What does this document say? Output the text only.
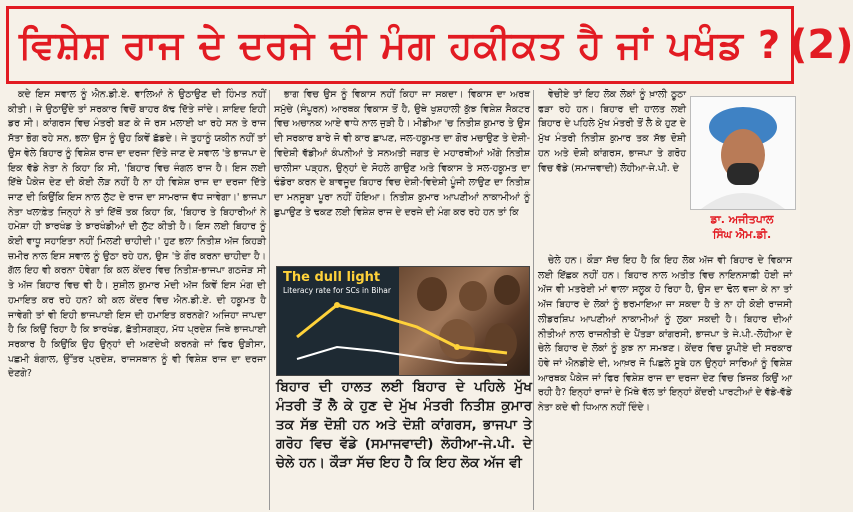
ਵਿਸ਼ੇਸ਼ ਰਾਜ ਦੇ ਦਰਜੇ ਦੀ ਮੰਗ ਹਕੀਕਤ ਹੈ ਜਾਂ ਪਖੰਡ ? (2)

ਕਦੇ ਇਸ ਸਵਾਲ ਨੂੰ ਐਨ.ਡੀ.ਏ. ਵਾਲਿਆਂ ਨੇ ਉਠਾਉਣ ਦੀ ਹਿੰਮਤ ਨਹੀਂ ਕੀਤੀ। ਜੇ ਉਠਾਉਂਦੇ ਤਾਂ ਸਰਕਾਰ ਵਿਚੋਂ ਬਾਹਰ ਕੱਢ ਦਿੱਤੇ ਜਾਂਦੇ। ਸ਼ਾਇਦ ਇਹੀ ਡਰ ਸੀ। ਕਾਂਗਰਸ ਵਿਚ ਮੰਤਰੀ ਬਣ ਕੇ ਜੋ ਰਸ ਮਲਾਈ ਖਾ ਰਹੇ ਸਨ ਤੇ ਰਾਜ ਸੱਤਾ ਭੋਗ ਰਹੇ ਸਨ, ਭਲਾ ਉਸ ਨੂੰ ਉਹ ਕਿਵੇਂ ਛੱਡਦੇ। ਜੇ ਤੁਹਾਨੂੰ ਯਕੀਨ ਨਹੀਂ ਤਾਂ ਉਸ ਵੇਲੇ ਬਿਹਾਰ ਨੂੰ ਵਿਸ਼ੇਸ਼ ਰਾਜ ਦਾ ਦਰਜਾ ਦਿੱਤੇ ਜਾਣ ਦੇ ਸਵਾਲ 'ਤੇ ਭਾਜਪਾ ਦੇ ਇਕ ਵੱਡੇ ਨੇਤਾ ਨੇ ਕਿਹਾ ਕਿ ਸੀ, 'ਬਿਹਾਰ ਵਿਚ ਜੰਗਲ ਰਾਜ ਹੈ। ਇਸ ਲਈ ਇੱਥੇ ਪੈਕੇਜ ਦੇਣ ਦੀ ਕੋਈ ਲੋੜ ਨਹੀਂ ਹੈ ਨਾ ਹੀ ਵਿਸ਼ੇਸ਼ ਰਾਜ ਦਾ ਦਰਜਾ ਦਿੱਤੇ ਜਾਣ ਦੀ ਕਿਉਂਕਿ ਇਸ ਨਾਲ ਲੁੱਟ ਦੇ ਰਾਜ ਦਾ ਸਾਮਰਾਜ ਵੱਧ ਜਾਵੇਗਾ।' ਭਾਜਪਾ ਨੇਤਾ ਖਲਾਫ਼ੇਤ ਜਿਨ੍ਹਾਂ ਨੇ ਤਾਂ ਇੱਥੋਂ ਤਕ ਕਿਹਾ ਕਿ, 'ਬਿਹਾਰ ਤੇ ਬਿਹਾਰੀਆਂ ਨੇ ਹਮੇਸ਼ਾ ਹੀ ਝਾਰਖੰਡ ਤੇ ਝਾਰਖੰਡੀਆਂ ਦੀ ਲੁੱਟ ਕੀਤੀ ਹੈ। ਇਸ ਲਈ ਬਿਹਾਰ ਨੂੰ ਕੋਈ ਵਾਧੂ ਸਹਾਇਤਾ ਨਹੀਂ ਮਿਲਣੀ ਚਾਹੀਦੀ।' ਹੁਣ ਭਲਾ ਨਿਤੀਸ਼ ਅੱਜ ਕਿਹੜੀ ਜ਼ਮੀਰ ਨਾਲ ਇਸ ਸਵਾਲ ਨੂੰ ਉਠਾ ਰਹੇ ਹਨ, ਉਸ 'ਤੇ ਗੌਰ ਕਰਨਾ ਚਾਹੀਦਾ ਹੈ। ਗੱਲ ਇਹ ਵੀ ਕਰਨਾ ਹੋਵੇਗਾ ਕਿ ਕਲ ਕੇਂਦਰ ਵਿਚ ਨਿਤੀਸ਼-ਭਾਜਪਾ ਗਠਜੋੜ ਸੀ ਤੇ ਅੱਜ ਬਿਹਾਰ ਵਿਚ ਵੀ ਹੈ। ਸੁਸ਼ੀਲ ਕੁਮਾਰ ਮੋਦੀ ਅੱਜ ਕਿਵੇਂ ਇਸ ਮੰਗ ਦੀ ਹਮਾਇਤ ਕਰ ਰਹੇ ਹਨ? ਕੀ ਕਲ ਕੇਂਦਰ ਵਿਚ ਐਨ.ਡੀ.ਏ. ਦੀ ਹਕੂਮਤ ਹੈ ਜਾਵੇਗੀ ਤਾਂ ਵੀ ਇਹੀ ਭਾਜਪਾਈ ਇਸ ਦੀ ਹਮਾਇਤ ਕਰਨਗੇ? ਅਜਿਹਾ ਜਾਪਦਾ ਹੈ ਕਿ ਕਿਉਂ ਰਿਹਾ ਹੈ ਕਿ ਝਾਰਖੰਡ, ਛੱਤੀਸਗੜ੍ਹ, ਮੱਧ ਪ੍ਰਦੇਸ਼ ਜਿਥੇ ਭਾਜਪਾਈ ਸਰਕਾਰ ਹੈ ਕਿਉਂਕਿ ਉਹ ਉਨ੍ਹਾਂ ਦੀ ਅਣਦੇਖੀ ਕਰਨਗੇ ਜਾਂ ਫਿਰ ਉੜੀਸਾ, ਪਛਮੀ ਬੰਗਾਲ, ਉੱਤਰ ਪ੍ਰਦੇਸ਼, ਰਾਜਸਥਾਨ ਨੂੰ ਵੀ ਵਿਸ਼ੇਸ਼ ਰਾਜ ਦਾ ਦਰਜਾ ਦੇਣਗੇ?

ਭਾਗ ਵਿਚ ਉਸ ਨੂੰ ਵਿਕਾਸ ਨਹੀਂ ਕਿਹਾ ਜਾ ਸਕਦਾ। ਵਿਕਾਸ ਦਾ ਅਰਥ ਸਮੁੱਚੇ (ਸੰਪੂਰਨ) ਆਰਥਕ ਵਿਕਾਸ ਤੋਂ ਹੈ, ਉਥੇ ਖੁਸ਼ਹਾਲੀ ਕੁੱਝ ਵਿਸ਼ੇਸ਼ ਸੈਕਟਰ ਵਿਚ ਅਚਾਨਕ ਆਏ ਵਾਧੇ ਨਾਲ ਜੁੜੀ ਹੈ। ਮੀਡੀਆ 'ਚ ਨਿਤੀਸ਼ ਕੁਮਾਰ ਤੇ ਉਸ ਦੀ ਸਰਕਾਰ ਬਾਰੇ ਜੋ ਵੀ ਕਾਰ ਛਾਪਣ, ਜਲ-ਹਕੂਮਤ ਦਾ ਗੋਰ ਮਚਾਉਣ ਤੇ ਦੇਸ਼ੀ-ਵਿਦੇਸ਼ੀ ਵੱਡੀਆਂ ਕੰਪਨੀਆਂ ਤੇ ਸਨਅਤੀ ਜਗਤ ਦੇ ਮਹਾਰਥੀਆਂ ਅੱਗੇ ਨਿਤੀਸ਼ ਚਾਲੀਸਾ ਪੜ੍ਹਨ, ਉਨ੍ਹਾਂ ਦੇ ਸੋਹਲੇ ਗਾਉਣ ਅਤੇ ਵਿਕਾਸ ਤੇ ਸਲ-ਹਕੂਮਤ ਦਾ ਢੰਡੋਰਾ ਕਰਨ ਦੇ ਬਾਵਜੂਦ ਬਿਹਾਰ ਵਿਚ ਦੇਸ਼ੀ-ਵਿਦੇਸ਼ੀ ਪੂੰਜੀ ਲਾਉਣ ਦਾ ਨਿਤੀਸ਼ ਦਾ ਮਨਸੂਬਾ ਪੂਰਾ ਨਹੀਂ ਹੋਇਆ। ਨਿਤੀਸ਼ ਕੁਮਾਰ ਆਪਣੀਆਂ ਨਾਕਾਮੀਆਂ ਨੂੰ ਛੁਪਾਉਣ ਤੇ ਢਕਣ ਲਈ ਵਿਸ਼ੇਸ਼ ਰਾਜ ਦੇ ਦਰਜੇ ਦੀ ਮੰਗ ਕਰ ਰਹੇ ਹਨ ਤਾਂ ਕਿ

The dull light
Literacy rate for SCs in Bihar
ਬਿਹਾਰ ਦੀ ਹਾਲਤ ਲਈ ਬਿਹਾਰ ਦੇ ਪਹਿਲੇ ਮੁੱਖ ਮੰਤਰੀ ਤੋਂ ਲੈ ਕੇ ਹੁਣ ਦੇ ਮੁੱਖ ਮੰਤਰੀ ਨਿਤੀਸ਼ ਕੁਮਾਰ ਤਕ ਸੱਭ ਦੋਸ਼ੀ ਹਨ ਅਤੇ ਦੋਸ਼ੀ ਕਾਂਗਰਸ, ਭਾਜਪਾ ਤੇ ਗਰੋਹ ਵਿਚ ਵੱਡੇ (ਸਮਾਜਵਾਦੀ) ਲੋਹੀਆ-ਜੇ.ਪੀ. ਦੇ ਚੇਲੇ ਹਨ। ਕੌੜਾ ਸੱਚ ਇਹ ਹੈ ਕਿ ਇਹ ਲੋਕ ਅੱਜ ਵੀ

ਵੇਚੀਏ ਤਾਂ ਇਹ ਲੋਕ ਲੋਕਾਂ ਨੂੰ ਖ਼ਾਲੀ ਠੂਠਾ ਫੜਾ ਰਹੇ ਹਨ। ਬਿਹਾਰ ਦੀ ਹਾਲਤ ਲਈ ਬਿਹਾਰ ਦੇ ਪਹਿਲੇ ਮੁੱਖ ਮੰਤਰੀ ਤੋਂ ਲੈ ਕੇ ਹੁਣ ਦੇ ਮੁੱਖ ਮੰਤਰੀ ਨਿਤੀਸ਼ ਕੁਮਾਰ ਤਕ ਸੱਭ ਦੋਸ਼ੀ ਹਨ ਅਤੇ ਦੋਸ਼ੀ ਕਾਂਗਰਸ, ਭਾਜਪਾ ਤੇ ਗਰੋਹ ਵਿਚ ਵੱਡੇ (ਸਮਾਜਵਾਦੀ) ਲੋਹੀਆ-ਜੇ.ਪੀ. ਦੇ

ਡਾ. ਅਜੀਤਪਾਲ
ਸਿੰਘ ਐਮ.ਡੀ.

ਚੇਲੇ ਹਨ। ਕੌੜਾ ਸੱਚ ਇਹ ਹੈ ਕਿ ਇਹ ਲੋਕ ਅੱਜ ਵੀ ਬਿਹਾਰ ਦੇ ਵਿਕਾਸ ਲਈ ਇੱਛਕ ਨਹੀਂ ਹਨ। ਬਿਹਾਰ ਨਾਲ ਅਤੀਤ ਵਿਚ ਨਾਇਨਸਾਫ਼ੀ ਹੋਈ ਜਾਂ ਅੱਜ ਵੀ ਮਤਰੇਈ ਮਾਂ ਵਾਲਾ ਸਲੂਕ ਹੋ ਰਿਹਾ ਹੈ, ਉਸ ਦਾ ਢੋਲ ਵਜਾ ਕੇ ਨਾ ਤਾਂ ਅੱਜ ਬਿਹਾਰ ਦੇ ਲੋਕਾਂ ਨੂੰ ਭਰਮਾਇਆ ਜਾ ਸਕਦਾ ਹੈ ਤੇ ਨਾ ਹੀ ਕੋਈ ਰਾਜਸੀ ਲੀਡਰਸ਼ਿਪ ਆਪਣੀਆਂ ਨਾਕਾਮੀਆਂ ਨੂੰ ਲੁਕਾ ਸਕਦੀ ਹੈ। ਬਿਹਾਰ ਦੀਆਂ ਨੀਤੀਆਂ ਨਾਲ ਰਾਜਨੀਤੀ ਦੇ ਪੈਂਤੜਾ ਕਾਂਗਰਸੀ, ਭਾਜਪਾ ਤੇ ਜੇ.ਪੀ.-ਲੋਹੀਆ ਦੇ ਚੇਲੇ ਬਿਹਾਰ ਦੇ ਲੋਕਾਂ ਨੂੰ ਕੁਝ ਨਾ ਸਮਝਣ। ਕੇਂਦਰ ਵਿਚ ਯੂਪੀਏ ਦੀ ਸਰਕਾਰ ਹੋਵੇ ਜਾਂ ਐਨਡੀਏ ਦੀ, ਆਖ਼ਰ ਜੋ ਪਿਛਲੇ ਸੂਬੇ ਹਨ ਉਨ੍ਹਾਂ ਸਾਰਿਆਂ ਨੂੰ ਵਿਸ਼ੇਸ਼ ਆਰਥਕ ਪੈਕੇਜ ਜਾਂ ਫਿਰ ਵਿਸ਼ੇਸ਼ ਰਾਜ ਦਾ ਦਰਜਾ ਦੇਣ ਵਿਚ ਝਿਜਕ ਕਿਉਂ ਆ ਰਹੀ ਹੈ? ਇਨ੍ਹਾਂ ਰਾਜਾਂ ਦੇ ਮਿੱਥੇ ਵੱਲ ਤਾਂ ਇਨ੍ਹਾਂ ਕੇਂਦਰੀ ਪਾਰਟੀਆਂ ਦੇ ਵੱਡੇ-ਵੱਡੇ ਨੇਤਾ ਕਦੇ ਵੀ ਧਿਆਨ ਨਹੀਂ ਦਿੰਦੇ।
